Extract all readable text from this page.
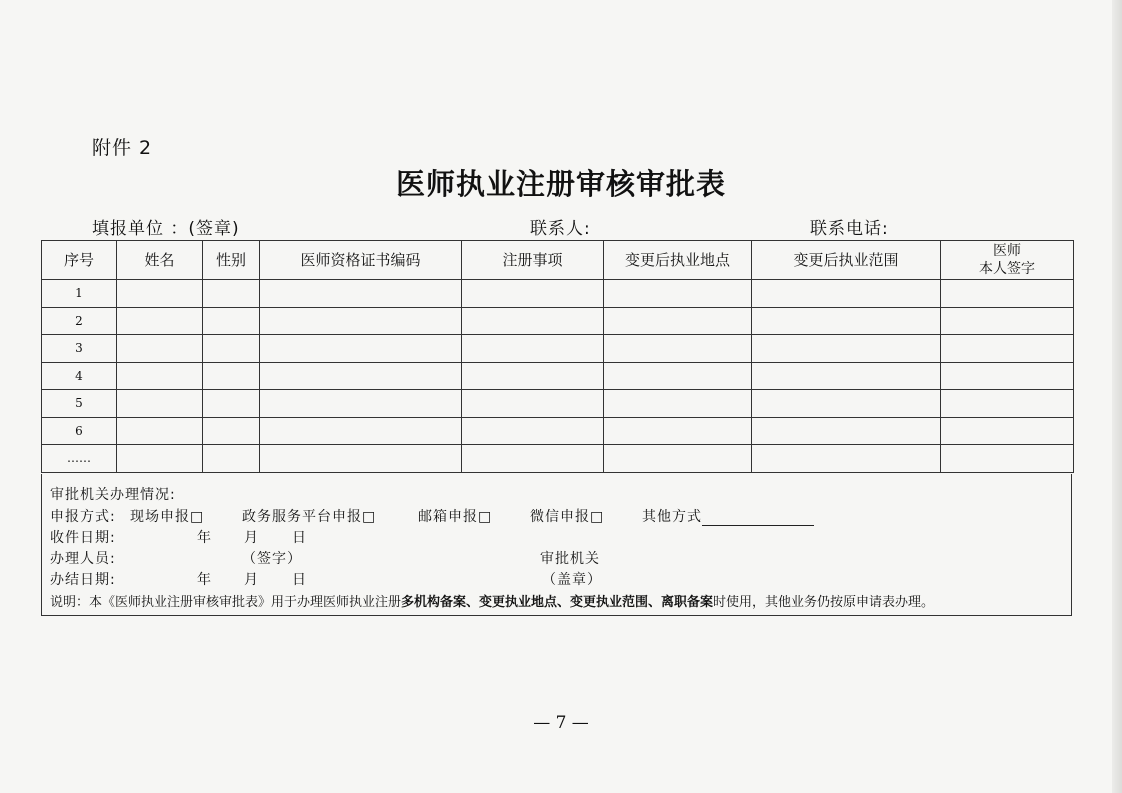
附件 2
医师执业注册审核审批表
填报单位 ：(签章)	联系人:	联系电话:
序号	姓名	性别	医师资格证书编码	注册事项	变更后执业地点	变更后执业范围	医师
本人签字
1							
2							
3							
4							
5							
6							
……							
审批机关办理情况:
申报方式: 现场申报□	政务服务平台申报□	邮箱申报□	微信申报□	其他方式
收件日期:	年 月 日
办理人员:	（签字）	审批机关
办结日期:	年 月 日	（盖章）
说明：本《医师执业注册审核审批表》用于办理医师执业注册多机构备案、变更执业地点、变更执业范围、离职备案时使用，其他业务仍按原申请表办理。
— 7 —
